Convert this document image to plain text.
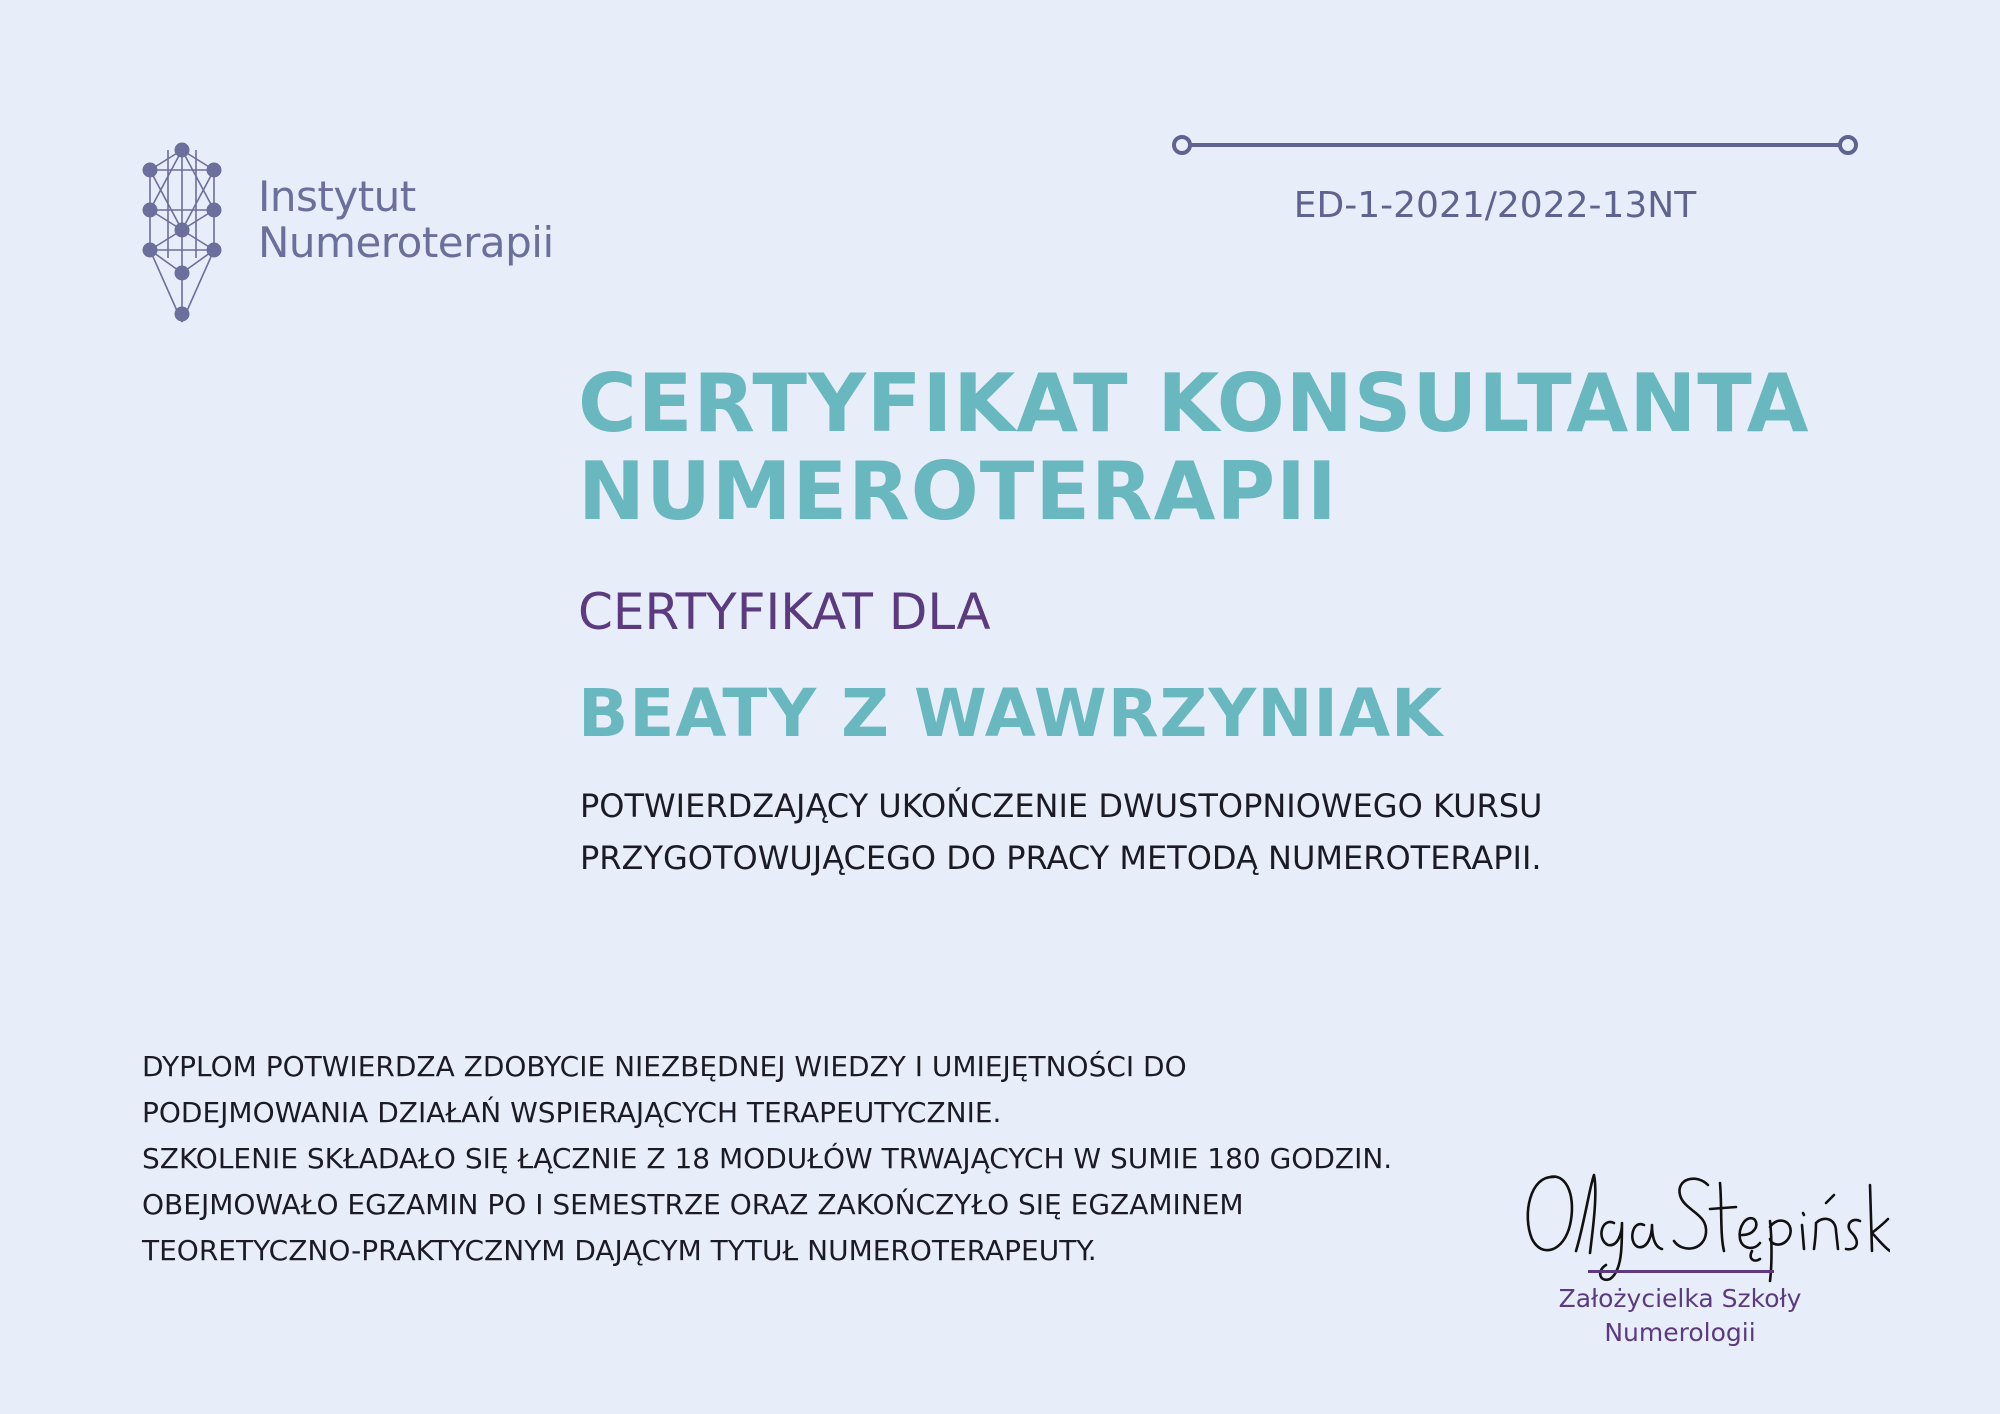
Instytut
Numeroterapii
ED-1-2021/2022-13NT
CERTYFIKAT KONSULTANTA
NUMEROTERAPII
CERTYFIKAT DLA
BEATY Z WAWRZYNIAK
POTWIERDZAJĄCY UKOŃCZENIE DWUSTOPNIOWEGO KURSU
PRZYGOTOWUJĄCEGO DO PRACY METODĄ NUMEROTERAPII.
DYPLOM POTWIERDZA ZDOBYCIE NIEZBĘDNEJ WIEDZY I UMIEJĘTNOŚCI DO
PODEJMOWANIA DZIAŁAŃ WSPIERAJĄCYCH TERAPEUTYCZNIE.
SZKOLENIE SKŁADAŁO SIĘ ŁĄCZNIE Z 18 MODUŁÓW TRWAJĄCYCH W SUMIE 180 GODZIN.
OBEJMOWAŁO EGZAMIN PO I SEMESTRZE ORAZ ZAKOŃCZYŁO SIĘ EGZAMINEM
TEORETYCZNO-PRAKTYCZNYM DAJĄCYM TYTUŁ NUMEROTERAPEUTY.
Założycielka Szkoły
Numerologii
